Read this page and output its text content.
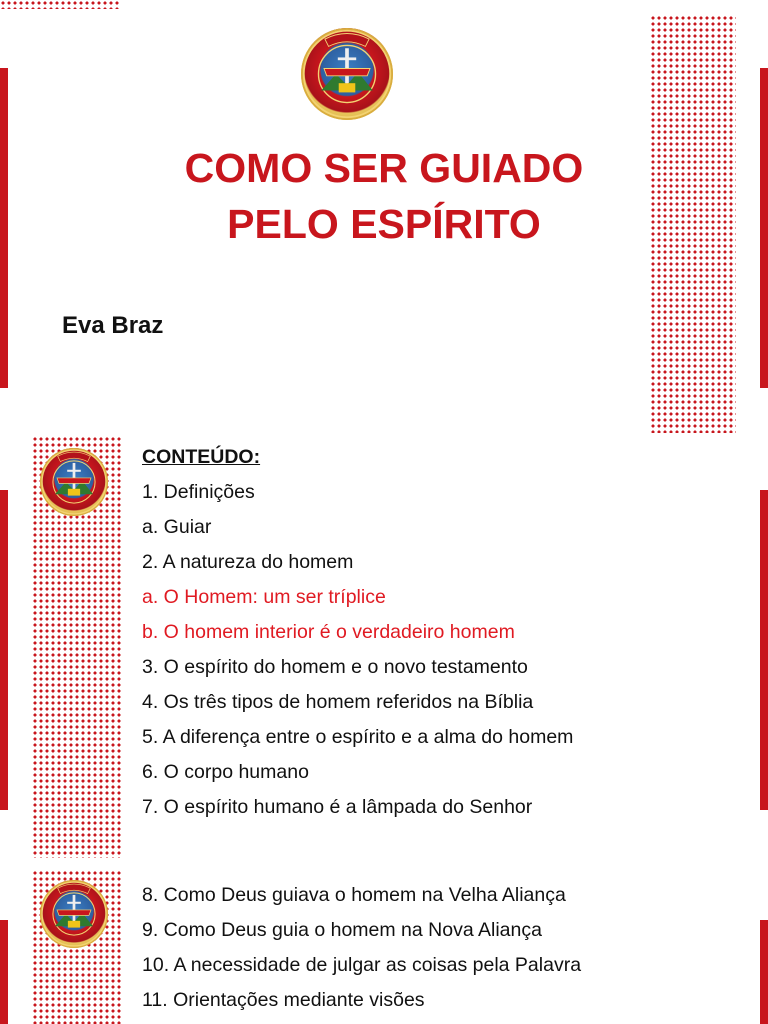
COMO SER GUIADO
PELO ESPÍRITO

Eva Braz

CONTEÚDO:
1. Definições
a. Guiar
2. A natureza do homem
a. O Homem: um ser tríplice
b. O homem interior é o verdadeiro homem
3. O espírito do homem e o novo testamento
4. Os três tipos de homem referidos na Bíblia
5. A diferença entre o espírito e a alma do homem
6. O corpo humano
7. O espírito humano é a lâmpada do Senhor
8. Como Deus guiava o homem na Velha Aliança
9. Como Deus guia o homem na Nova Aliança
10. A necessidade de julgar as coisas pela Palavra
11. Orientações mediante visões
